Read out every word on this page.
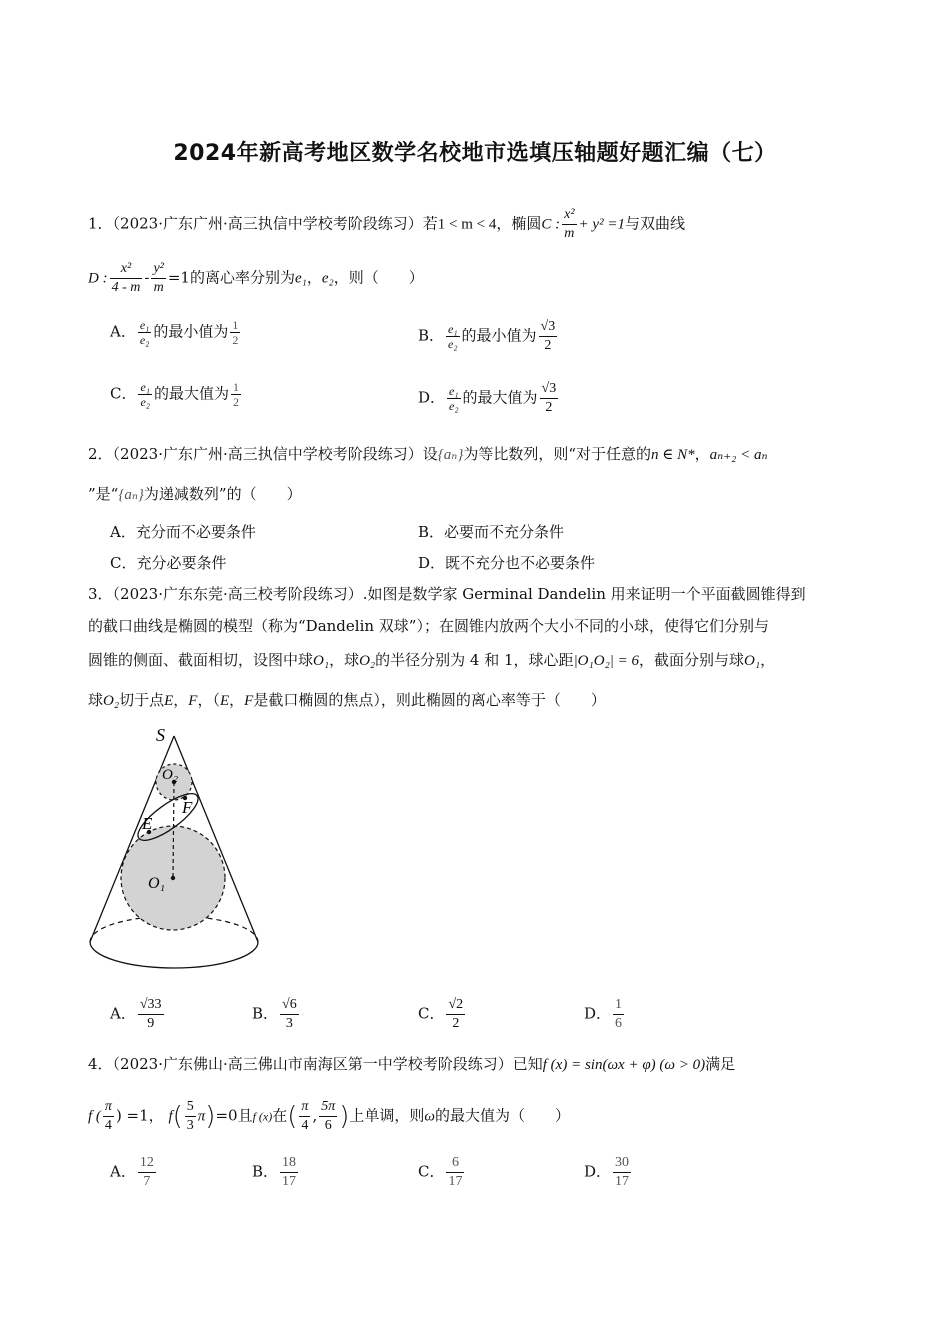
2024年新高考地区数学名校地市选填压轴题好题汇编（七）
1．（2023·广东广州·高三执信中学校考阶段练习）若1 < m < 4，椭圆C : $\frac{\text{x²}}{m} + y^2 =1$与双曲线
D : $\frac{\text{x²}}{4 - m} - \frac{\text{y²}}{m} =1$的离心率分别为e₁，e₂，则（　　）
A． $\frac{\text{e₁}}{\text{e₂}}$ 的最小值为 $\frac{1}{2}$	B． $\frac{\text{e₁}}{\text{e₂}}$ 的最小值为 $\frac{√3}{2}$
C． $\frac{\text{e₁}}{\text{e₂}}$ 的最大值为 $\frac{1}{2}$	D． $\frac{\text{e₁}}{\text{e₂}}$ 的最大值为 $\frac{√3}{2}$
2．（2023·广东广州·高三执信中学校考阶段练习）设{aₙ}为等比数列，则“对于任意的n ∈ N*，aₙ₊₂ < aₙ
”是“{aₙ}为递减数列”的（　　）
A．充分而不必要条件	B．必要而不充分条件
C．充分必要条件	D．既不充分也不必要条件
3．（2023·广东东莞·高三校考阶段练习）.如图是数学家 Germinal Dandelin 用来证明一个平面截圆锥得到
的截口曲线是椭圆的模型（称为“Dandelin 双球”）；在圆锥内放两个大小不同的小球，使得它们分别与
圆锥的侧面、截面相切，设图中球O₁，球O₂的半径分别为 4 和 1，球心距|O₁O₂| = 6，截面分别与球O₁，
球O₂切于点E，F，（E，F是截口椭圆的焦点），则此椭圆的离心率等于（　　）
S
O₂
E
F
O₁
A． $\frac{√33}{9}$	B． $\frac{√6}{3}$	C． $\frac{√2}{2}$	D． $\frac{1}{6}$
4．（2023·广东佛山·高三佛山市南海区第一中学校考阶段练习）已知f (x) = sin(ωx + φ) (ω > 0)满足
f ( $\frac{\pi}{4}$ ) =1， $f( \frac{5}{3} \pi)=0$且f (x)在( $\frac{\pi}{4}$ , $\frac{5\pi}{6}$ )上单调，则ω的最大值为（　　）
A． $\frac{12}{7}$	B． $\frac{18}{17}$	C． $\frac{6}{17}$	D． $\frac{30}{17}$
